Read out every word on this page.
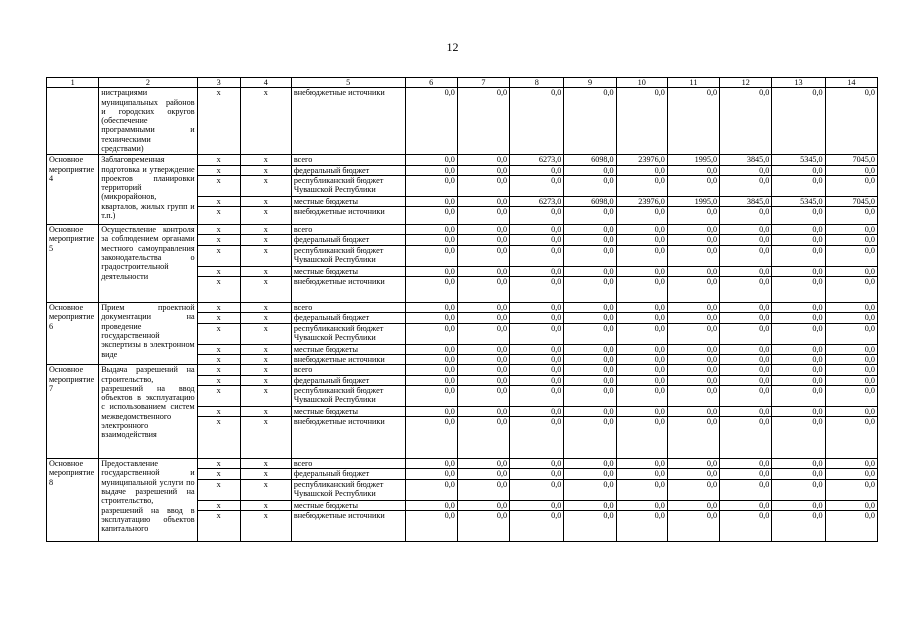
12
1	2	3	4	5	6	7	8	9	10	11	12	13	14
	нистрациями муниципальных районов и городских округов (обеспечение программными и техническими средствами)	x	x	внебюджетные источники	0,0	0,0	0,0	0,0	0,0	0,0	0,0	0,0	0,0
Основное мероприятие 4	Заблаговременная подготовка и утверждение проектов планировки территорий (микрорайонов, кварталов, жилых групп и т.п.)	x	x	всего	0,0	0,0	6273,0	6098,0	23976,0	1995,0	3845,0	5345,0	7045,0
		x	x	федеральный бюджет	0,0	0,0	0,0	0,0	0,0	0,0	0,0	0,0	0,0
		x	x	республиканский бюджет Чувашской Республики	0,0	0,0	0,0	0,0	0,0	0,0	0,0	0,0	0,0
		x	x	местные бюджеты	0,0	0,0	6273,0	6098,0	23976,0	1995,0	3845,0	5345,0	7045,0
		x	x	внебюджетные источники	0,0	0,0	0,0	0,0	0,0	0,0	0,0	0,0	0,0
Основное мероприятие 5	Осуществление контроля за соблюдением органами местного самоуправления законодательства о градостроительной деятельности	x	x	всего	0,0	0,0	0,0	0,0	0,0	0,0	0,0	0,0	0,0
		x	x	федеральный бюджет	0,0	0,0	0,0	0,0	0,0	0,0	0,0	0,0	0,0
		x	x	республиканский бюджет Чувашской Республики	0,0	0,0	0,0	0,0	0,0	0,0	0,0	0,0	0,0
		x	x	местные бюджеты	0,0	0,0	0,0	0,0	0,0	0,0	0,0	0,0	0,0
		x	x	внебюджетные источники	0,0	0,0	0,0	0,0	0,0	0,0	0,0	0,0	0,0
Основное мероприятие 6	Прием проектной документации на проведение государственной экспертизы в электронном виде	x	x	всего	0,0	0,0	0,0	0,0	0,0	0,0	0,0	0,0	0,0
		x	x	федеральный бюджет	0,0	0,0	0,0	0,0	0,0	0,0	0,0	0,0	0,0
		x	x	республиканский бюджет Чувашской Республики	0,0	0,0	0,0	0,0	0,0	0,0	0,0	0,0	0,0
		x	x	местные бюджеты	0,0	0,0	0,0	0,0	0,0	0,0	0,0	0,0	0,0
		x	x	внебюджетные источники	0,0	0,0	0,0	0,0	0,0	0,0	0,0	0,0	0,0
Основное мероприятие 7	Выдача разрешений на строительство, разрешений на ввод объектов в эксплуатацию с использованием систем межведомственного электронного взаимодействия	x	x	всего	0,0	0,0	0,0	0,0	0,0	0,0	0,0	0,0	0,0
		x	x	федеральный бюджет	0,0	0,0	0,0	0,0	0,0	0,0	0,0	0,0	0,0
		x	x	республиканский бюджет Чувашской Республики	0,0	0,0	0,0	0,0	0,0	0,0	0,0	0,0	0,0
		x	x	местные бюджеты	0,0	0,0	0,0	0,0	0,0	0,0	0,0	0,0	0,0
		x	x	внебюджетные источники	0,0	0,0	0,0	0,0	0,0	0,0	0,0	0,0	0,0
Основное мероприятие 8	Предоставление государственной и муниципальной услуги по выдаче разрешений на строительство, разрешений на ввод в эксплуатацию объектов капитального	x	x	всего	0,0	0,0	0,0	0,0	0,0	0,0	0,0	0,0	0,0
		x	x	федеральный бюджет	0,0	0,0	0,0	0,0	0,0	0,0	0,0	0,0	0,0
		x	x	республиканский бюджет Чувашской Республики	0,0	0,0	0,0	0,0	0,0	0,0	0,0	0,0	0,0
		x	x	местные бюджеты	0,0	0,0	0,0	0,0	0,0	0,0	0,0	0,0	0,0
		x	x	внебюджетные источники	0,0	0,0	0,0	0,0	0,0	0,0	0,0	0,0	0,0
